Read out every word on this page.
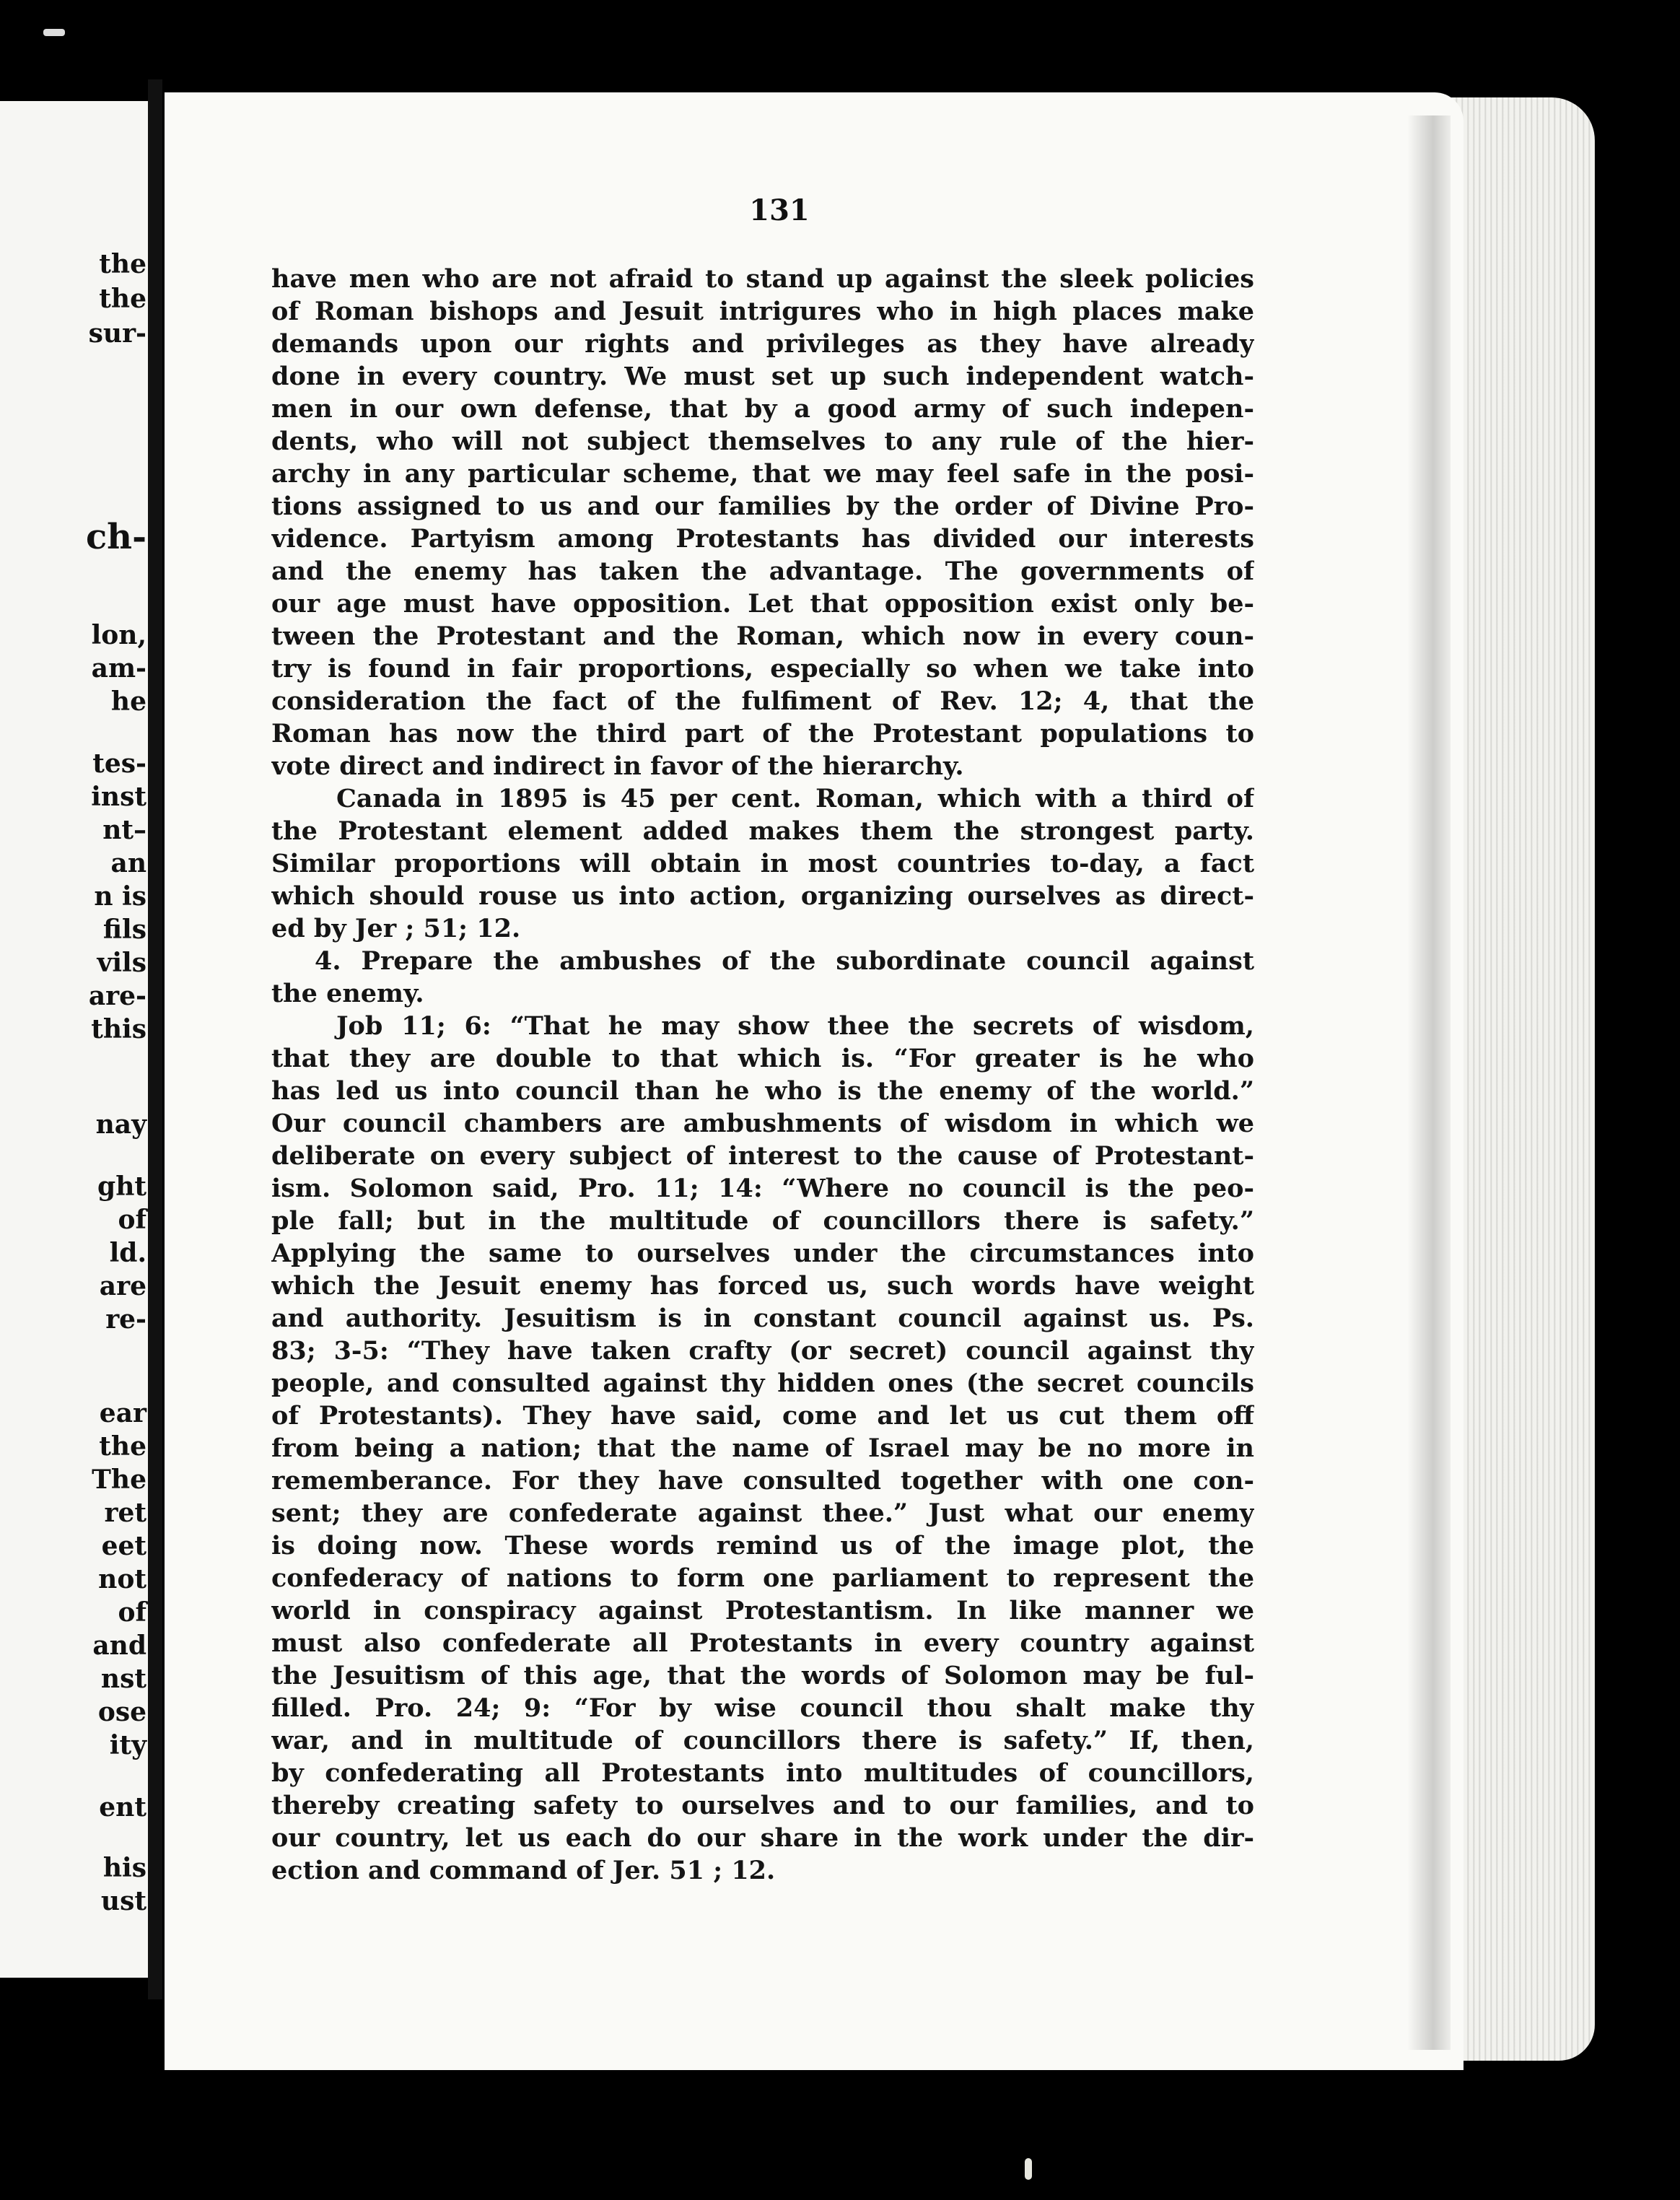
the
the
sur-
ch-
lon,
am-
he
tes-
inst
nt–
an
n is
fils
vils
are-
this
nay
ght
of
ld.
are
re-
ear
the
The
ret
eet
not
of
and
nst
ose
ity
ent
his
ust
131
have men who are not afraid to stand up against the sleek policies
of Roman bishops and Jesuit intrigures who in high places make
demands upon our rights and privileges as they have already
done in every country. We must set up such independent watch-
men in our own defense, that by a good army of such indepen-
dents, who will not subject themselves to any rule of the hier-
archy in any particular scheme, that we may feel safe in the posi-
tions assigned to us and our families by the order of Divine Pro-
vidence. Partyism among Protestants has divided our interests
and the enemy has taken the advantage. The governments of
our age must have opposition. Let that opposition exist only be-
tween the Protestant and the Roman, which now in every coun-
try is found in fair proportions, especially so when we take into
consideration the fact of the fulfiment of Rev. 12; 4, that the
Roman has now the third part of the Protestant populations to
vote direct and indirect in favor of the hierarchy.
Canada in 1895 is 45 per cent. Roman, which with a third of
the Protestant element added makes them the strongest party.
Similar proportions will obtain in most countries to-day, a fact
which should rouse us into action, organizing ourselves as direct-
ed by Jer ; 51; 12.
4. Prepare the ambushes of the subordinate council against
the enemy.
Job 11; 6: “That he may show thee the secrets of wisdom,
that they are double to that which is. “For greater is he who
has led us into council than he who is the enemy of the world.”
Our council chambers are ambushments of wisdom in which we
deliberate on every subject of interest to the cause of Protestant-
ism. Solomon said, Pro. 11; 14: “Where no council is the peo-
ple fall; but in the multitude of councillors there is safety.”
Applying the same to ourselves under the circumstances into
which the Jesuit enemy has forced us, such words have weight
and authority. Jesuitism is in constant council against us. Ps.
83; 3-5: “They have taken crafty (or secret) council against thy
people, and consulted against thy hidden ones (the secret councils
of Protestants). They have said, come and let us cut them off
from being a nation; that the name of Israel may be no more in
rememberance. For they have consulted together with one con-
sent; they are confederate against thee.” Just what our enemy
is doing now. These words remind us of the image plot, the
confederacy of nations to form one parliament to represent the
world in conspiracy against Protestantism. In like manner we
must also confederate all Protestants in every country against
the Jesuitism of this age, that the words of Solomon may be ful-
filled. Pro. 24; 9: “For by wise council thou shalt make thy
war, and in multitude of councillors there is safety.” If, then,
by confederating all Protestants into multitudes of councillors,
thereby creating safety to ourselves and to our families, and to
our country, let us each do our share in the work under the dir-
ection and command of Jer. 51 ; 12.
